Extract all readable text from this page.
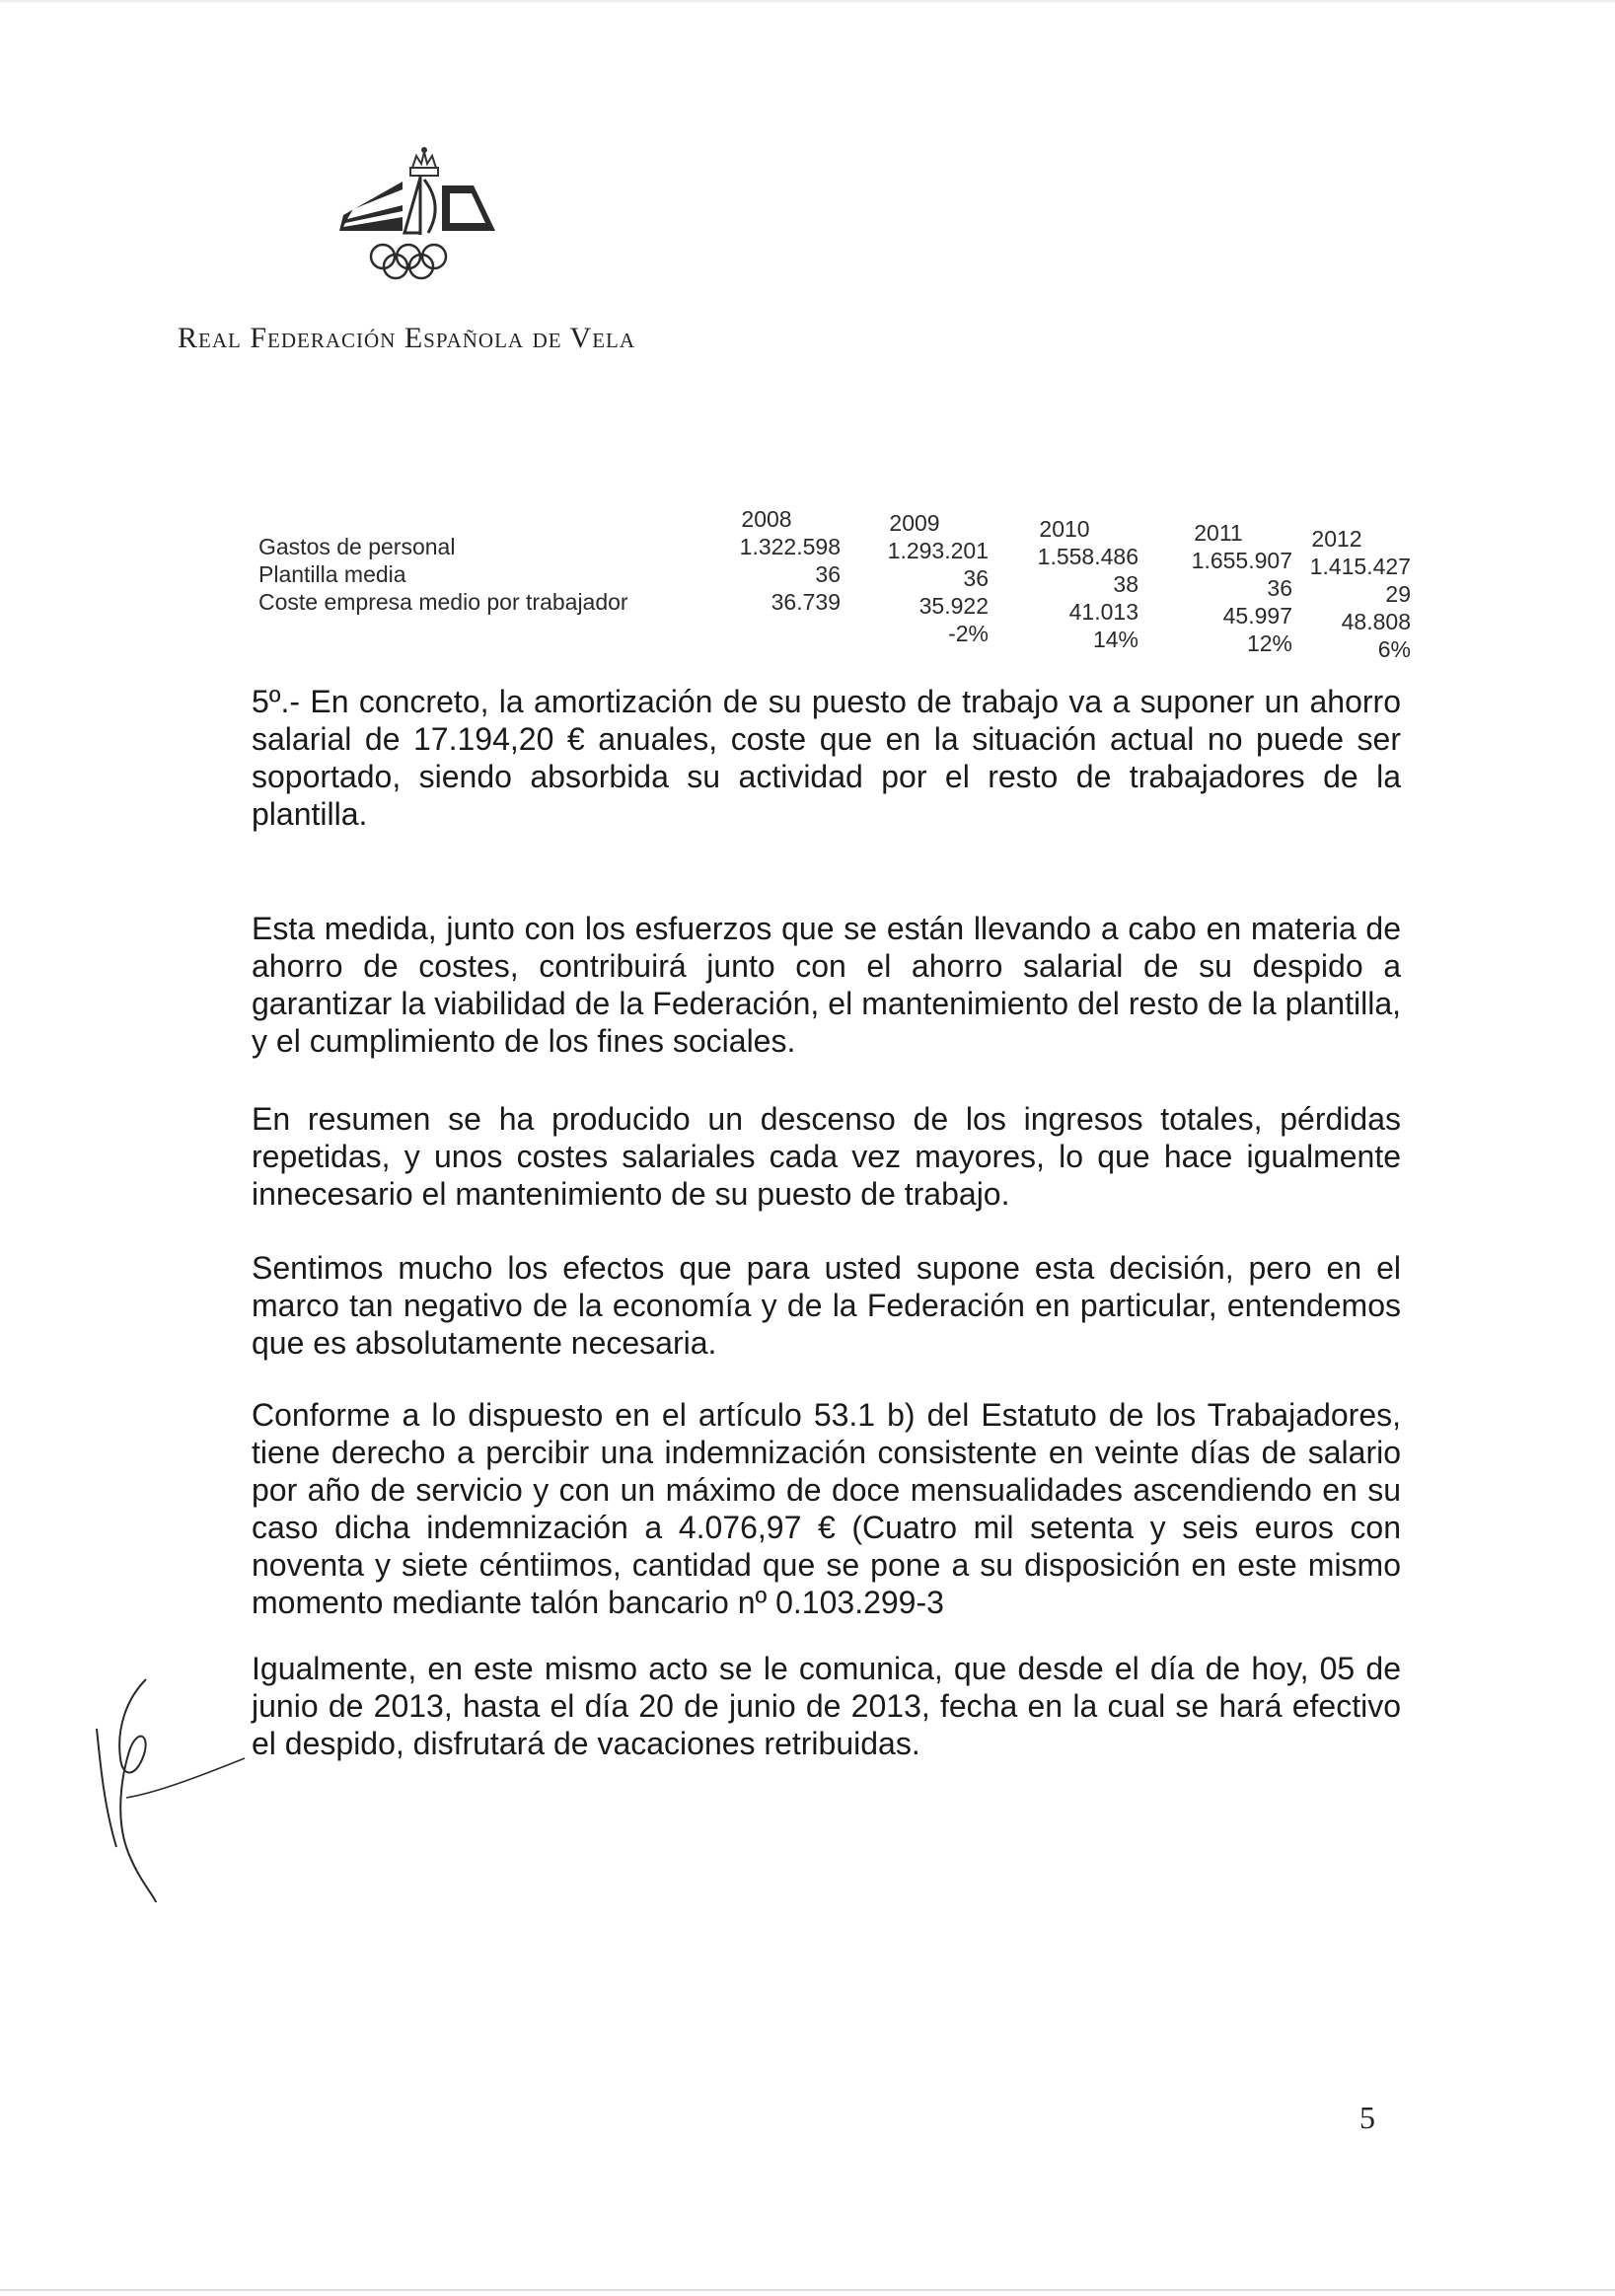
Real Federación Española de Vela
Gastos de personal
Plantilla media
Coste empresa medio por trabajador
2008
1.322.598
36
36.739
2009
1.293.201
36
35.922
-2%
2010
1.558.486
38
41.013
14%
2011
1.655.907
36
45.997
12%
2012
1.415.427
29
48.808
6%

5º.- En concreto, la amortización de su puesto de trabajo va a suponer un ahorro salarial de 17.194,20 € anuales, coste que en la situación actual no puede ser soportado, siendo absorbida su actividad por el resto de trabajadores de la plantilla.

Esta medida, junto con los esfuerzos que se están llevando a cabo en materia de ahorro de costes, contribuirá junto con el ahorro salarial de su despido a garantizar la viabilidad de la Federación, el mantenimiento del resto de la plantilla, y el cumplimiento de los fines sociales.

En resumen se ha producido un descenso de los ingresos totales, pérdidas repetidas, y unos costes salariales cada vez mayores, lo que hace igualmente innecesario el mantenimiento de su puesto de trabajo.

Sentimos mucho los efectos que para usted supone esta decisión, pero en el marco tan negativo de la economía y de la Federación en particular, entendemos que es absolutamente necesaria.

Conforme a lo dispuesto en el artículo 53.1 b) del Estatuto de los Trabajadores, tiene derecho a percibir una indemnización consistente en veinte días de salario por año de servicio y con un máximo de doce mensualidades ascendiendo en su caso dicha indemnización a 4.076,97 € (Cuatro mil setenta y seis euros con noventa y siete céntiimos, cantidad que se pone a su disposición en este mismo momento mediante talón bancario nº 0.103.299-3

Igualmente, en este mismo acto se le comunica, que desde el día de hoy, 05 de junio de 2013, hasta el día 20 de junio de 2013, fecha en la cual se hará efectivo el despido, disfrutará de vacaciones retribuidas.

5
